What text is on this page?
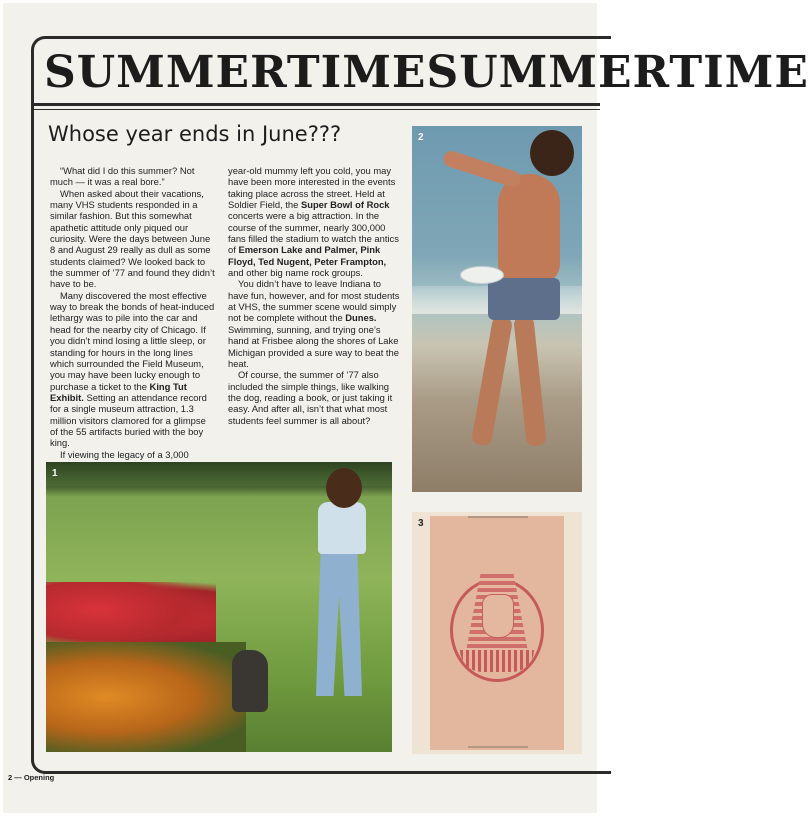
SUMMERTIMESUMMERTIME
Whose year ends in June???

“What did I do this summer? Not much — it was a real bore.”

When asked about their vacations, many VHS students responded in a similar fashion. But this somewhat apathetic attitude only piqued our curiosity. Were the days between June 8 and August 29 really as dull as some students claimed? We looked back to the summer of ’77 and found they didn’t have to be.

Many discovered the most effective way to break the bonds of heat-induced lethargy was to pile into the car and head for the nearby city of Chicago. If you didn’t mind losing a little sleep, or standing for hours in the long lines which surrounded the Field Museum, you may have been lucky enough to purchase a ticket to the King Tut Exhibit. Setting an attendance record for a single museum attraction, 1.3 million visitors clamored for a glimpse of the 55 artifacts buried with the boy king.

If viewing the legacy of a 3,000

year-old mummy left you cold, you may have been more interested in the events taking place across the street. Held at Soldier Field, the Super Bowl of Rock concerts were a big attraction. In the course of the summer, nearly 300,000 fans filled the stadium to watch the antics of Emerson Lake and Palmer, Pink Floyd, Ted Nugent, Peter Frampton, and other big name rock groups.

You didn’t have to leave Indiana to have fun, however, and for most students at VHS, the summer scene would simply not be complete without the Dunes. Swimming, sunning, and trying one’s hand at Frisbee along the shores of Lake Michigan provided a sure way to beat the heat.

Of course, the summer of ’77 also included the simple things, like walking the dog, reading a book, or just taking it easy. And after all, isn’t that what most students feel summer is all about?

2
1
3
2 — Opening
